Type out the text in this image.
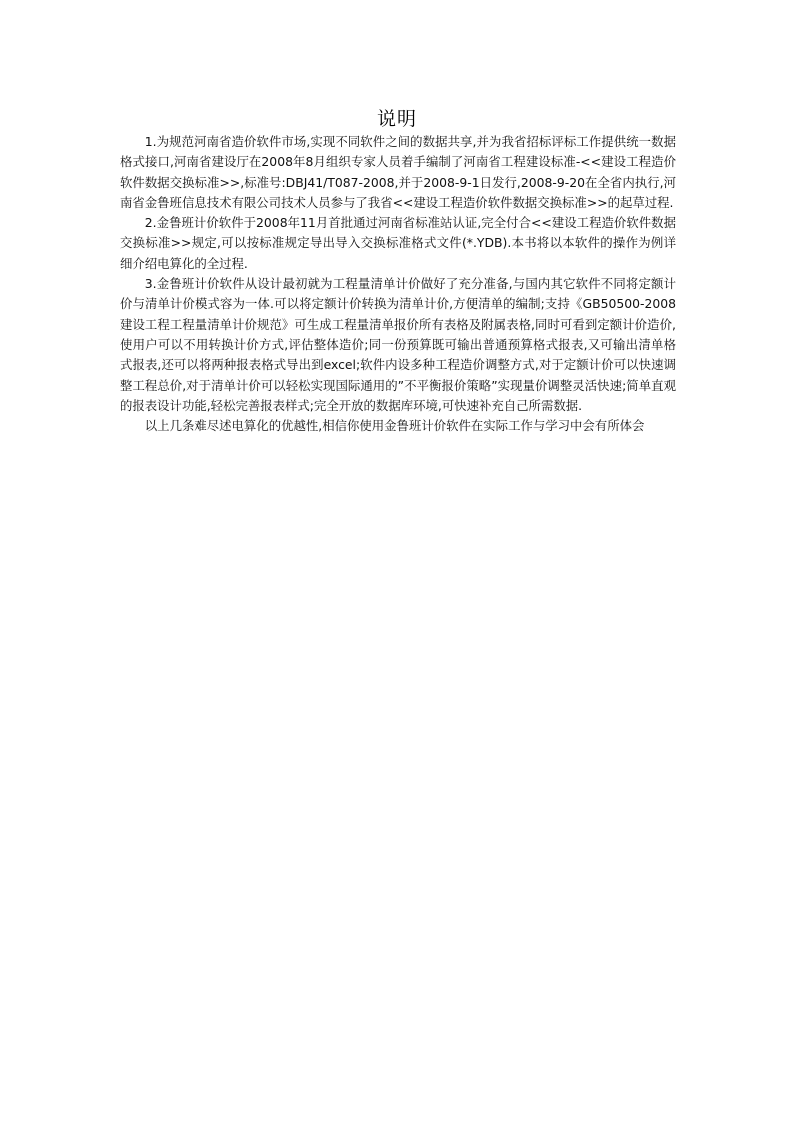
说明

1.为规范河南省造价软件市场,实现不同软件之间的数据共享,并为我省招标评标工作提供统一数据格式接口,河南省建设厅在2008年8月组织专家人员着手编制了河南省工程建设标准-<<建设工程造价软件数据交换标准>>,标准号:DBJ41/T087-2008,并于2008-9-1日发行,2008-9-20在全省内执行,河南省金鲁班信息技术有限公司技术人员参与了我省<<建设工程造价软件数据交换标准>>的起草过程.

2.金鲁班计价软件于2008年11月首批通过河南省标准站认证,完全付合<<建设工程造价软件数据交换标准>>规定,可以按标准规定导出导入交换标准格式文件(*.YDB).本书将以本软件的操作为例详细介绍电算化的全过程.

3.金鲁班计价软件从设计最初就为工程量清单计价做好了充分准备,与国内其它软件不同将定额计价与清单计价模式容为一体.可以将定额计价转换为清单计价,方便清单的编制;支持《GB50500-2008建设工程工程量清单计价规范》可生成工程量清单报价所有表格及附属表格,同时可看到定额计价造价,使用户可以不用转换计价方式,评估整体造价;同一份预算既可输出普通预算格式报表,又可输出清单格式报表,还可以将两种报表格式导出到excel;软件内设多种工程造价调整方式,对于定额计价可以快速调整工程总价,对于清单计价可以轻松实现国际通用的”不平衡报价策略”实现量价调整灵活快速;简单直观的报表设计功能,轻松完善报表样式;完全开放的数据库环境,可快速补充自己所需数据.

以上几条难尽述电算化的优越性,相信你使用金鲁班计价软件在实际工作与学习中会有所体会
